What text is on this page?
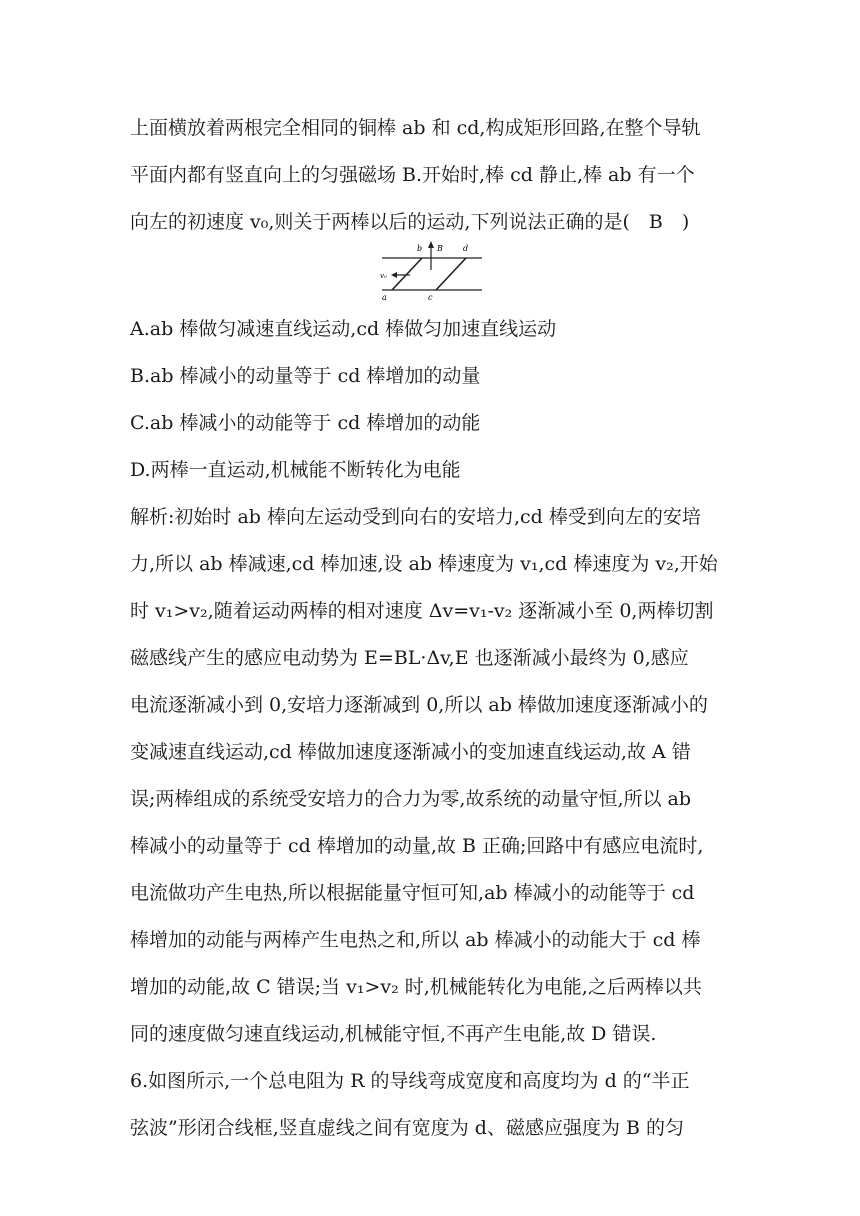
上面横放着两根完全相同的铜棒 ab 和 cd,构成矩形回路,在整个导轨
平面内都有竖直向上的匀强磁场 B.开始时,棒 cd 静止,棒 ab 有一个
向左的初速度 v₀,则关于两棒以后的运动,下列说法正确的是(　B　)
b B	d
v₀
a	c
A.ab 棒做匀减速直线运动,cd 棒做匀加速直线运动
B.ab 棒减小的动量等于 cd 棒增加的动量
C.ab 棒减小的动能等于 cd 棒增加的动能
D.两棒一直运动,机械能不断转化为电能
解析:初始时 ab 棒向左运动受到向右的安培力,cd 棒受到向左的安培
力,所以 ab 棒减速,cd 棒加速,设 ab 棒速度为 v₁,cd 棒速度为 v₂,开始
时 v₁>v₂,随着运动两棒的相对速度 Δv=v₁-v₂ 逐渐减小至 0,两棒切割
磁感线产生的感应电动势为 E=BL·Δv,E 也逐渐减小最终为 0,感应
电流逐渐减小到 0,安培力逐渐减到 0,所以 ab 棒做加速度逐渐减小的
变减速直线运动,cd 棒做加速度逐渐减小的变加速直线运动,故 A 错
误;两棒组成的系统受安培力的合力为零,故系统的动量守恒,所以 ab
棒减小的动量等于 cd 棒增加的动量,故 B 正确;回路中有感应电流时,
电流做功产生电热,所以根据能量守恒可知,ab 棒减小的动能等于 cd
棒增加的动能与两棒产生电热之和,所以 ab 棒减小的动能大于 cd 棒
增加的动能,故 C 错误;当 v₁>v₂ 时,机械能转化为电能,之后两棒以共
同的速度做匀速直线运动,机械能守恒,不再产生电能,故 D 错误.
6.如图所示,一个总电阻为 R 的导线弯成宽度和高度均为 d 的“半正
弦波”形闭合线框,竖直虚线之间有宽度为 d、磁感应强度为 B 的匀
